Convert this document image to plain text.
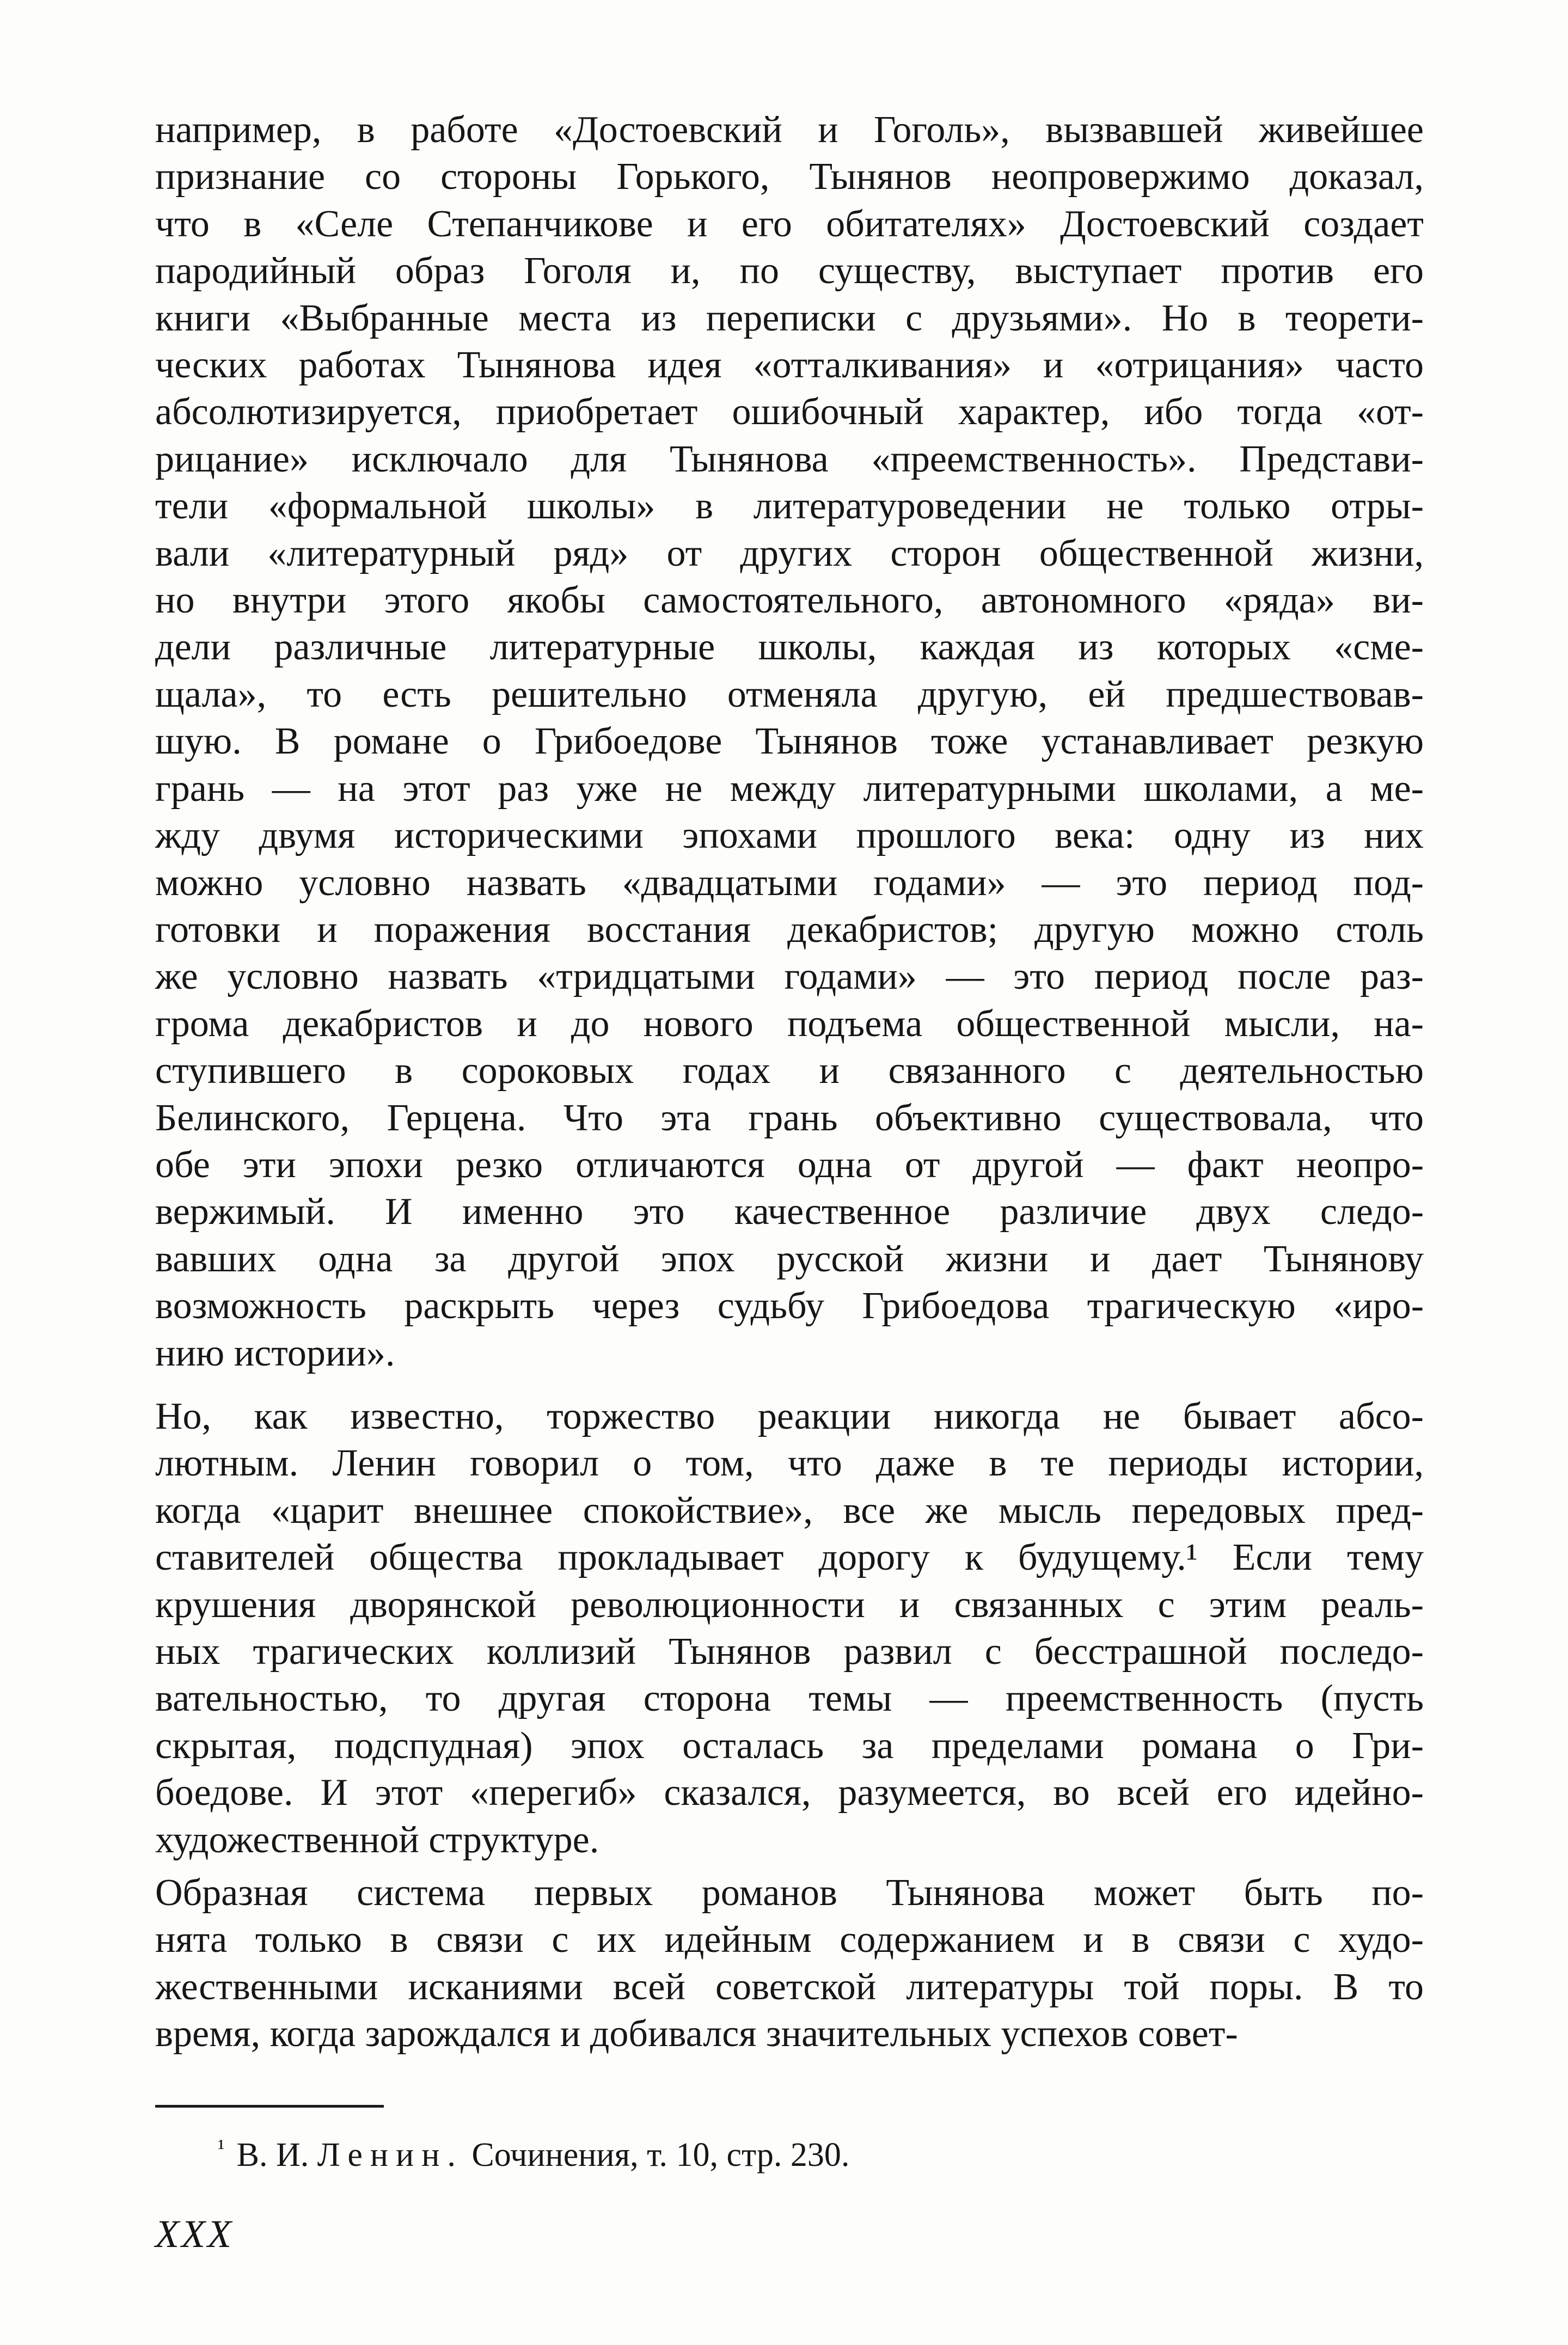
например, в работе «Достоевский и Гоголь», вызвавшей живейшее
признание со стороны Горького, Тынянов неопровержимо доказал,
что в «Селе Степанчикове и его обитателях» Достоевский создает
пародийный образ Гоголя и, по существу, выступает против его
книги «Выбранные места из переписки с друзьями». Но в теорети-
ческих работах Тынянова идея «отталкивания» и «отрицания» часто
абсолютизируется, приобретает ошибочный характер, ибо тогда «от-
рицание» исключало для Тынянова «преемственность». Представи-
тели «формальной школы» в литературоведении не только отры-
вали «литературный ряд» от других сторон общественной жизни,
но внутри этого якобы самостоятельного, автономного «ряда» ви-
дели различные литературные школы, каждая из которых «сме-
щала», то есть решительно отменяла другую, ей предшествовав-
шую. В романе о Грибоедове Тынянов тоже устанавливает резкую
грань — на этот раз уже не между литературными школами, а ме-
жду двумя историческими эпохами прошлого века: одну из них
можно условно назвать «двадцатыми годами» — это период под-
готовки и поражения восстания декабристов; другую можно столь
же условно назвать «тридцатыми годами» — это период после раз-
грома декабристов и до нового подъема общественной мысли, на-
ступившего в сороковых годах и связанного с деятельностью
Белинского, Герцена. Что эта грань объективно существовала, что
обе эти эпохи резко отличаются одна от другой — факт неопро-
вержимый. И именно это качественное различие двух следо-
вавших одна за другой эпох русской жизни и дает Тынянову
возможность раскрыть через судьбу Грибоедова трагическую «иро-
нию истории».
Но, как известно, торжество реакции никогда не бывает абсо-
лютным. Ленин говорил о том, что даже в те периоды истории,
когда «царит внешнее спокойствие», все же мысль передовых пред-
ставителей общества прокладывает дорогу к будущему.¹ Если тему
крушения дворянской революционности и связанных с этим реаль-
ных трагических коллизий Тынянов развил с бесстрашной последо-
вательностью, то другая сторона темы — преемственность (пусть
скрытая, подспудная) эпох осталась за пределами романа о Гри-
боедове. И этот «перегиб» сказался, разумеется, во всей его идейно-
художественной структуре.
Образная система первых романов Тынянова может быть по-
нята только в связи с их идейным содержанием и в связи с худо-
жественными исканиями всей советской литературы той поры. В то
время, когда зарождался и добивался значительных успехов совет-
$^{^1}$ В. И. Ленин. Сочинения, т. 10, стр. 230.
XXX
